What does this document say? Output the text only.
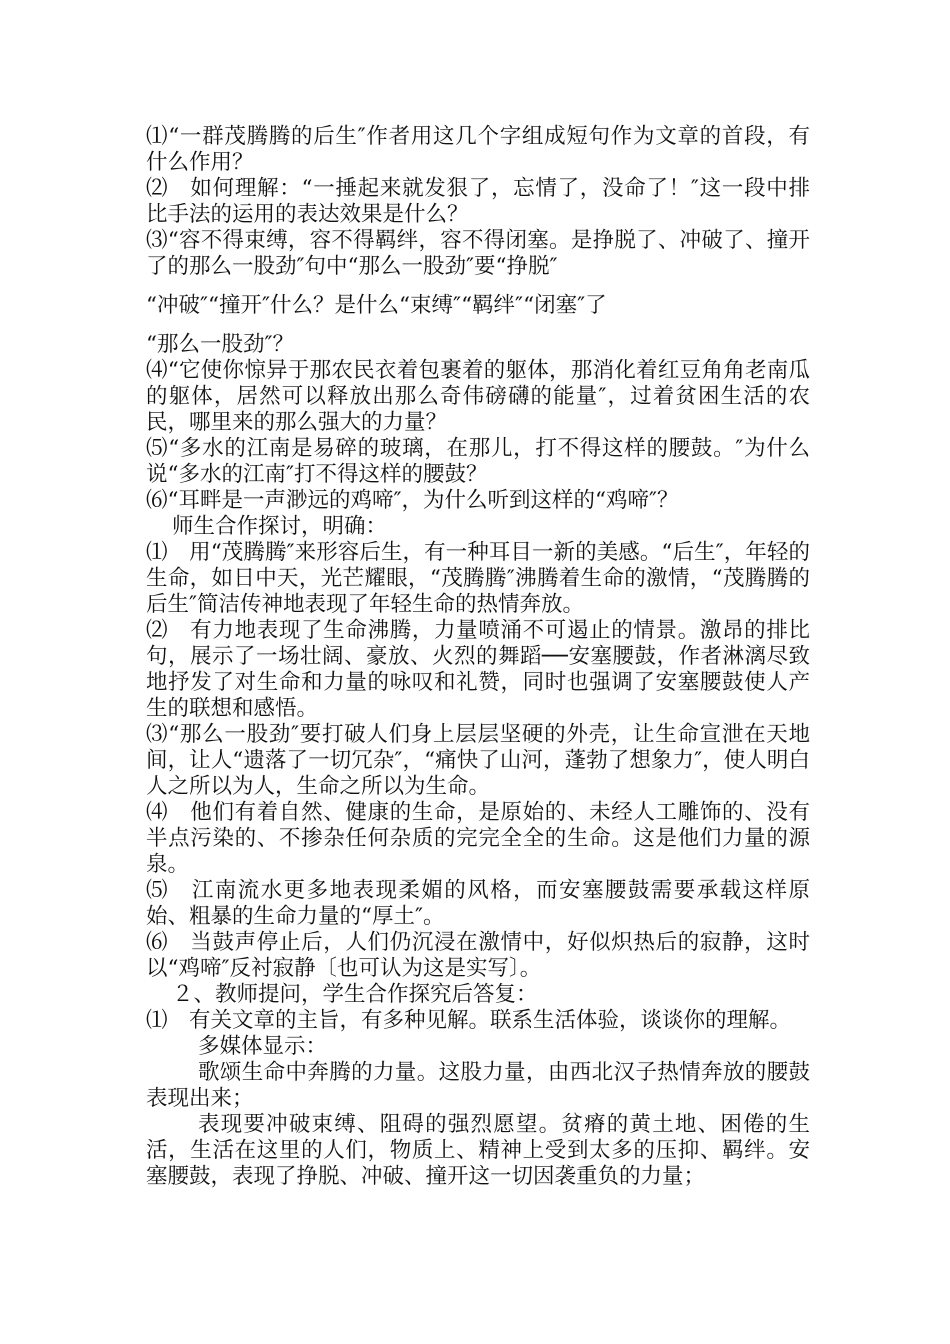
⑴“一群茂腾腾的后生″作者用这几个字组成短句作为文章的首段，有什么作用？

⑵　如何理解：“一捶起来就发狠了，忘情了，没命了！″这一段中排比手法的运用的表达效果是什么？

⑶“容不得束缚，容不得羁绊，容不得闭塞。是挣脱了、冲破了、撞开了的那么一股劲″句中“那么一股劲″要“挣脱″

“冲破″“撞开″什么？是什么“束缚″“羁绊″“闭塞″了

“那么一股劲″？

⑷“它使你惊异于那农民衣着包裹着的躯体，那消化着红豆角角老南瓜的躯体，居然可以释放出那么奇伟磅礴的能量″，过着贫困生活的农民，哪里来的那么强大的力量？

⑸“多水的江南是易碎的玻璃，在那儿，打不得这样的腰鼓。″为什么说“多水的江南″打不得这样的腰鼓？

⑹“耳畔是一声渺远的鸡啼″，为什么听到这样的“鸡啼″？

师生合作探讨，明确：

⑴　用“茂腾腾″来形容后生，有一种耳目一新的美感。“后生″，年轻的生命，如日中天，光芒耀眼，“茂腾腾″沸腾着生命的激情，“茂腾腾的后生″简洁传神地表现了年轻生命的热情奔放。

⑵　有力地表现了生命沸腾，力量喷涌不可遏止的情景。激昂的排比句，展示了一场壮阔、豪放、火烈的舞蹈──安塞腰鼓，作者淋漓尽致地抒发了对生命和力量的咏叹和礼赞，同时也强调了安塞腰鼓使人产生的联想和感悟。

⑶“那么一股劲″要打破人们身上层层坚硬的外壳，让生命宣泄在天地间，让人“遗落了一切冗杂″，“痛快了山河，蓬勃了想象力″，使人明白人之所以为人，生命之所以为生命。

⑷　他们有着自然、健康的生命，是原始的、未经人工雕饰的、没有半点污染的、不掺杂任何杂质的完完全全的生命。这是他们力量的源泉。

⑸　江南流水更多地表现柔媚的风格，而安塞腰鼓需要承载这样原始、粗暴的生命力量的“厚土″。

⑹　当鼓声停止后，人们仍沉浸在激情中，好似炽热后的寂静，这时以“鸡啼″反衬寂静〔也可认为这是实写〕。

２、教师提问，学生合作探究后答复：

⑴　有关文章的主旨，有多种见解。联系生活体验，谈谈你的理解。

多媒体显示：

歌颂生命中奔腾的力量。这股力量，由西北汉子热情奔放的腰鼓表现出来；

表现要冲破束缚、阻碍的强烈愿望。贫瘠的黄土地、困倦的生活，生活在这里的人们，物质上、精神上受到太多的压抑、羁绊。安塞腰鼓，表现了挣脱、冲破、撞开这一切因袭重负的力量；
